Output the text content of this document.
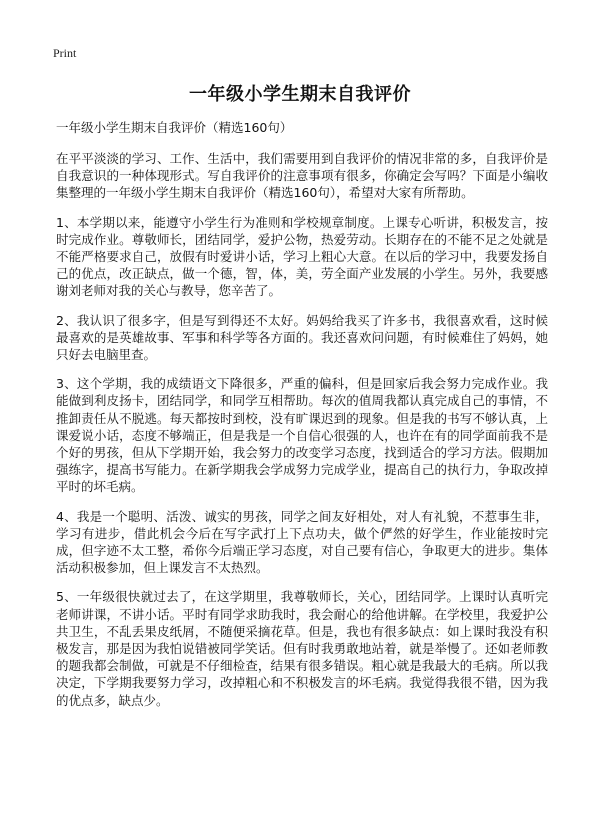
Print
一年级小学生期末自我评价

一年级小学生期末自我评价（精选160句）

在平平淡淡的学习、工作、生活中，我们需要用到自我评价的情况非常的多，自我评价是自我意识的一种体现形式。写自我评价的注意事项有很多，你确定会写吗？下面是小编收集整理的一年级小学生期末自我评价（精选160句），希望对大家有所帮助。

1、本学期以来，能遵守小学生行为准则和学校规章制度。上课专心听讲，积极发言，按时完成作业。尊敬师长，团结同学，爱护公物，热爱劳动。长期存在的不能不足之处就是不能严格要求自己，放假有时爱讲小话，学习上粗心大意。在以后的学习中，我要发扬自己的优点，改正缺点，做一个德，智，体，美，劳全面产业发展的小学生。另外，我要感谢刘老师对我的关心与教导，您辛苦了。

2、我认识了很多字，但是写到得还不太好。妈妈给我买了许多书，我很喜欢看，这时候最喜欢的是英雄故事、军事和科学等各方面的。我还喜欢问问题，有时候难住了妈妈，她只好去电脑里查。

3、这个学期，我的成绩语文下降很多，严重的偏科，但是回家后我会努力完成作业。我能做到利皮扬卡，团结同学，和同学互相帮助。每次的值周我都认真完成自己的事情，不推卸责任从不脱逃。每天都按时到校，没有旷课迟到的现象。但是我的书写不够认真，上课爱说小话，态度不够端正，但是我是一个自信心很强的人，也许在有的同学面前我不是个好的男孩，但从下学期开始，我会努力的改变学习态度，找到适合的学习方法。假期加强练字，提高书写能力。在新学期我会学成努力完成学业，提高自己的执行力，争取改掉平时的坏毛病。

4、我是一个聪明、活泼、诚实的男孩，同学之间友好相处，对人有礼貌，不惹事生非，学习有进步，借此机会今后在写字武打上下点功夫，做个俨然的好学生，作业能按时完成，但字迹不太工整，希你今后端正学习态度，对自己要有信心，争取更大的进步。集体活动积极参加，但上课发言不太热烈。

5、一年级很快就过去了，在这学期里，我尊敬师长，关心，团结同学。上课时认真听完老师讲课，不讲小话。平时有同学求助我时，我会耐心的给他讲解。在学校里，我爱护公共卫生，不乱丢果皮纸屑，不随便采摘花草。但是，我也有很多缺点：如上课时我没有积极发言，那是因为我怕说错被同学笑话。但有时我勇敢地站着，就是举慢了。还如老师教的题我都会制做，可就是不仔细检查，结果有很多错误。粗心就是我最大的毛病。所以我决定，下学期我要努力学习，改掉粗心和不积极发言的坏毛病。我觉得我很不错，因为我的优点多，缺点少。
